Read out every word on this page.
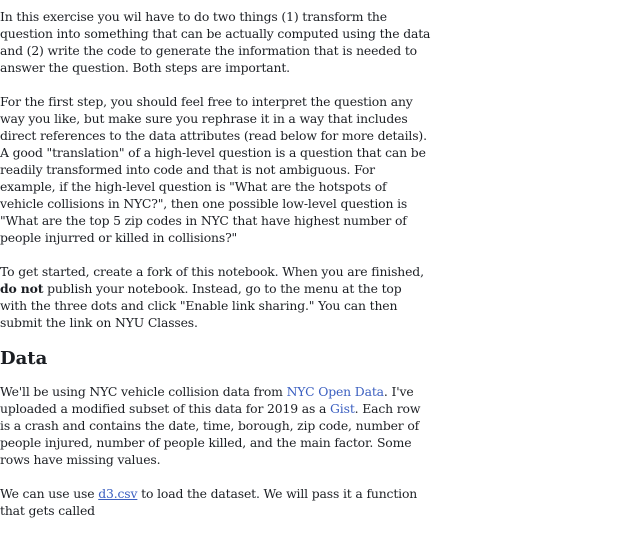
In this exercise you wil have to do two things (1) transform the question into something that can be actually computed using the data and (2) write the code to generate the information that is needed to answer the question. Both steps are important.

For the first step, you should feel free to interpret the question any way you like, but make sure you rephrase it in a way that includes direct references to the data attributes (read below for more details). A good "translation" of a high-level question is a question that can be readily transformed into code and that is not ambiguous. For example, if the high-level question is "What are the hotspots of vehicle collisions in NYC?", then one possible low-level question is "What are the top 5 zip codes in NYC that have highest number of people injurred or killed in collisions?"

To get started, create a fork of this notebook. When you are finished, do not publish your notebook. Instead, go to the menu at the top with the three dots and click "Enable link sharing." You can then submit the link on NYU Classes.

Data

We'll be using NYC vehicle collision data from NYC Open Data. I've uploaded a modified subset of this data for 2019 as a Gist. Each row is a crash and contains the date, time, borough, zip code, number of people injured, number of people killed, and the main factor. Some rows have missing values.

We can use use d3.csv to load the dataset. We will pass it a function that gets called
